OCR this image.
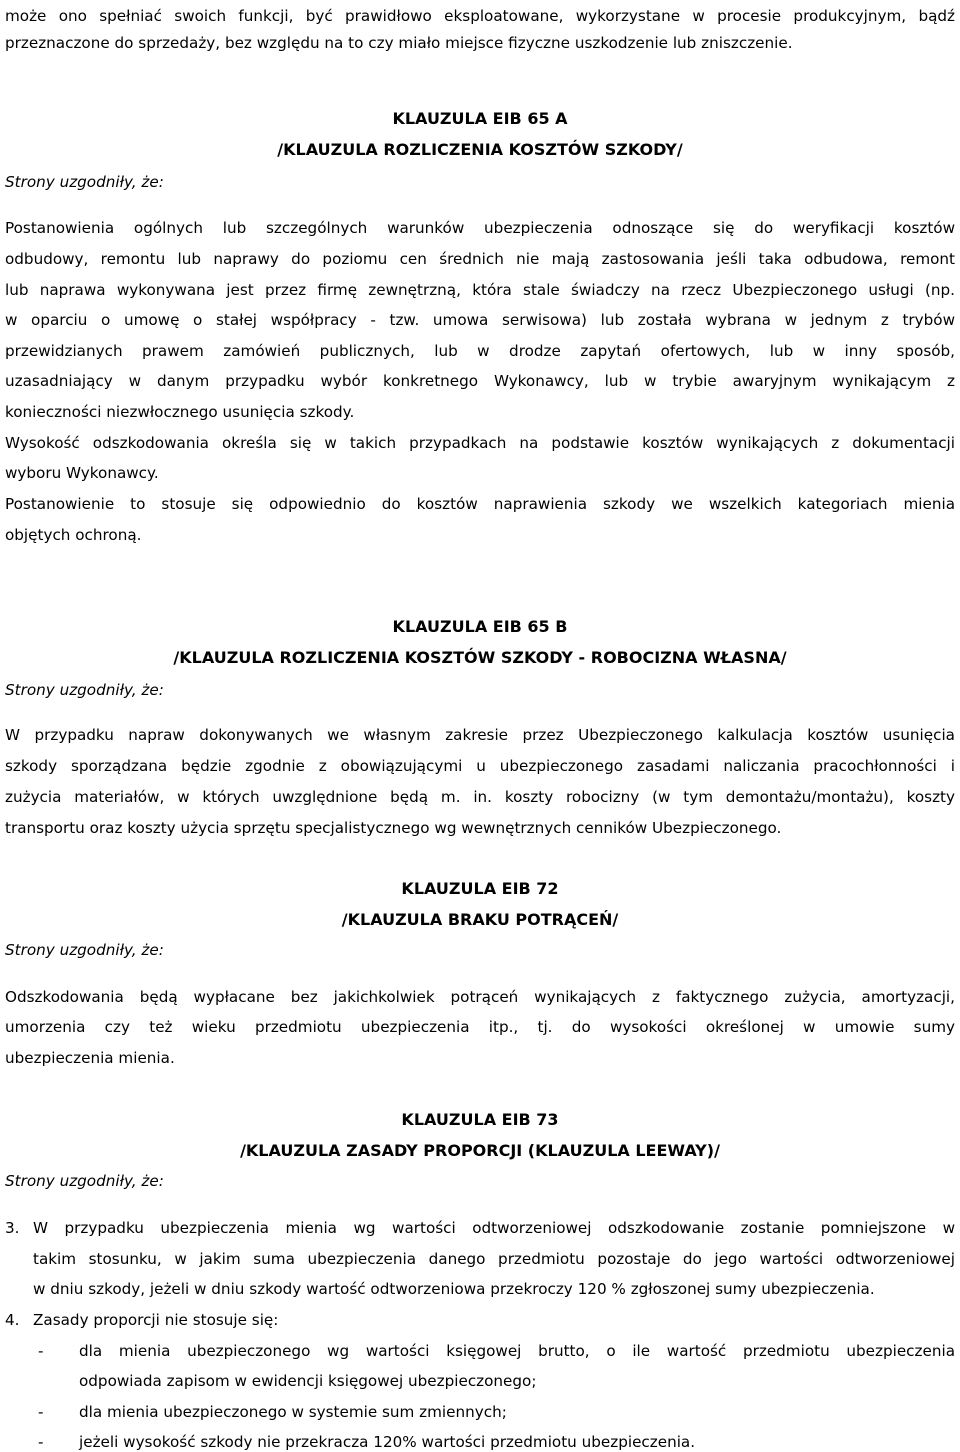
może ono spełniać swoich funkcji, być prawidłowo eksploatowane, wykorzystane w procesie produkcyjnym, bądź
przeznaczone do sprzedaży, bez względu na to czy miało miejsce fizyczne uszkodzenie lub zniszczenie.
KLAUZULA EIB 65 A
/KLAUZULA ROZLICZENIA KOSZTÓW SZKODY/
Strony uzgodniły, że:
Postanowienia ogólnych lub szczególnych warunków ubezpieczenia odnoszące się do weryfikacji kosztów
odbudowy, remontu lub naprawy do poziomu cen średnich nie mają zastosowania jeśli taka odbudowa, remont
lub naprawa wykonywana jest przez firmę zewnętrzną, która stale świadczy na rzecz Ubezpieczonego usługi (np.
w oparciu o umowę o stałej współpracy - tzw. umowa serwisowa) lub została wybrana w jednym z trybów
przewidzianych prawem zamówień publicznych, lub w drodze zapytań ofertowych, lub w inny sposób,
uzasadniający w danym przypadku wybór konkretnego Wykonawcy, lub w trybie awaryjnym wynikającym z
konieczności niezwłocznego usunięcia szkody.
Wysokość odszkodowania określa się w takich przypadkach na podstawie kosztów wynikających z dokumentacji
wyboru Wykonawcy.
Postanowienie to stosuje się odpowiednio do kosztów naprawienia szkody we wszelkich kategoriach mienia
objętych ochroną.
KLAUZULA EIB 65 B
/KLAUZULA ROZLICZENIA KOSZTÓW SZKODY - ROBOCIZNA WŁASNA/
Strony uzgodniły, że:
W przypadku napraw dokonywanych we własnym zakresie przez Ubezpieczonego kalkulacja kosztów usunięcia
szkody sporządzana będzie zgodnie z obowiązującymi u ubezpieczonego zasadami naliczania pracochłonności i
zużycia materiałów, w których uwzględnione będą m. in. koszty robocizny (w tym demontażu/montażu), koszty
transportu oraz koszty użycia sprzętu specjalistycznego wg wewnętrznych cenników Ubezpieczonego.
KLAUZULA EIB 72
/KLAUZULA BRAKU POTRĄCEŃ/
Strony uzgodniły, że:
Odszkodowania będą wypłacane bez jakichkolwiek potrąceń wynikających z faktycznego zużycia, amortyzacji,
umorzenia czy też wieku przedmiotu ubezpieczenia itp., tj. do wysokości określonej w umowie sumy
ubezpieczenia mienia.
KLAUZULA EIB 73
/KLAUZULA ZASADY PROPORCJI (KLAUZULA LEEWAY)/
Strony uzgodniły, że:
3. W przypadku ubezpieczenia mienia wg wartości odtworzeniowej odszkodowanie zostanie pomniejszone w
takim stosunku, w jakim suma ubezpieczenia danego przedmiotu pozostaje do jego wartości odtworzeniowej
w dniu szkody, jeżeli w dniu szkody wartość odtworzeniowa przekroczy 120 % zgłoszonej sumy ubezpieczenia.
4. Zasady proporcji nie stosuje się:
- dla mienia ubezpieczonego wg wartości księgowej brutto, o ile wartość przedmiotu ubezpieczenia
odpowiada zapisom w ewidencji księgowej ubezpieczonego;
- dla mienia ubezpieczonego w systemie sum zmiennych;
- jeżeli wysokość szkody nie przekracza 120% wartości przedmiotu ubezpieczenia.
